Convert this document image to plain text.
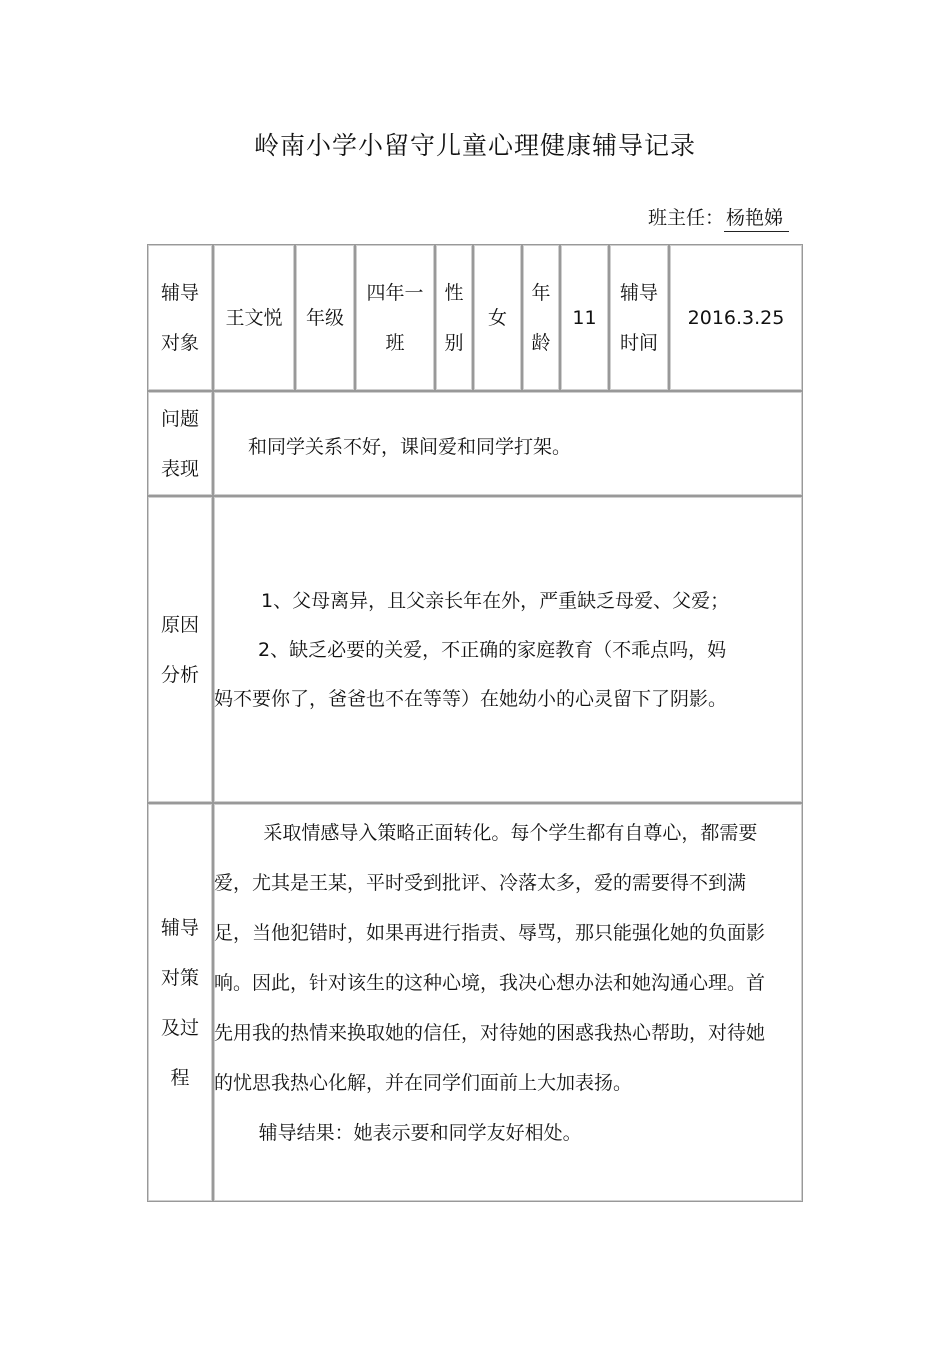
岭南小学小留守儿童心理健康辅导记录
班主任： 杨艳娣
辅导
对象
王文悦 年级
四年一
班
性
别
女
年
龄
11
辅导
时间
2016.3.25
问题
表现

和同学关系不好，课间爱和同学打架。

原因
分析

1、父母离异，且父亲长年在外，严重缺乏母爱、父爱；

2、缺乏必要的关爱，不正确的家庭教育（不乖点吗，妈

妈不要你了，爸爸也不在等等）在她幼小的心灵留下了阴影。

辅导
对策
及过
程

采取情感导入策略正面转化。每个学生都有自尊心，都需要爱，尤其是王某，平时受到批评、冷落太多，爱的需要得不到满足，当他犯错时，如果再进行指责、辱骂，那只能强化她的负面影响。因此，针对该生的这种心境，我决心想办法和她沟通心理。首先用我的热情来换取她的信任，对待她的困惑我热心帮助，对待她的忧思我热心化解，并在同学们面前上大加表扬。

辅导结果：她表示要和同学友好相处。
